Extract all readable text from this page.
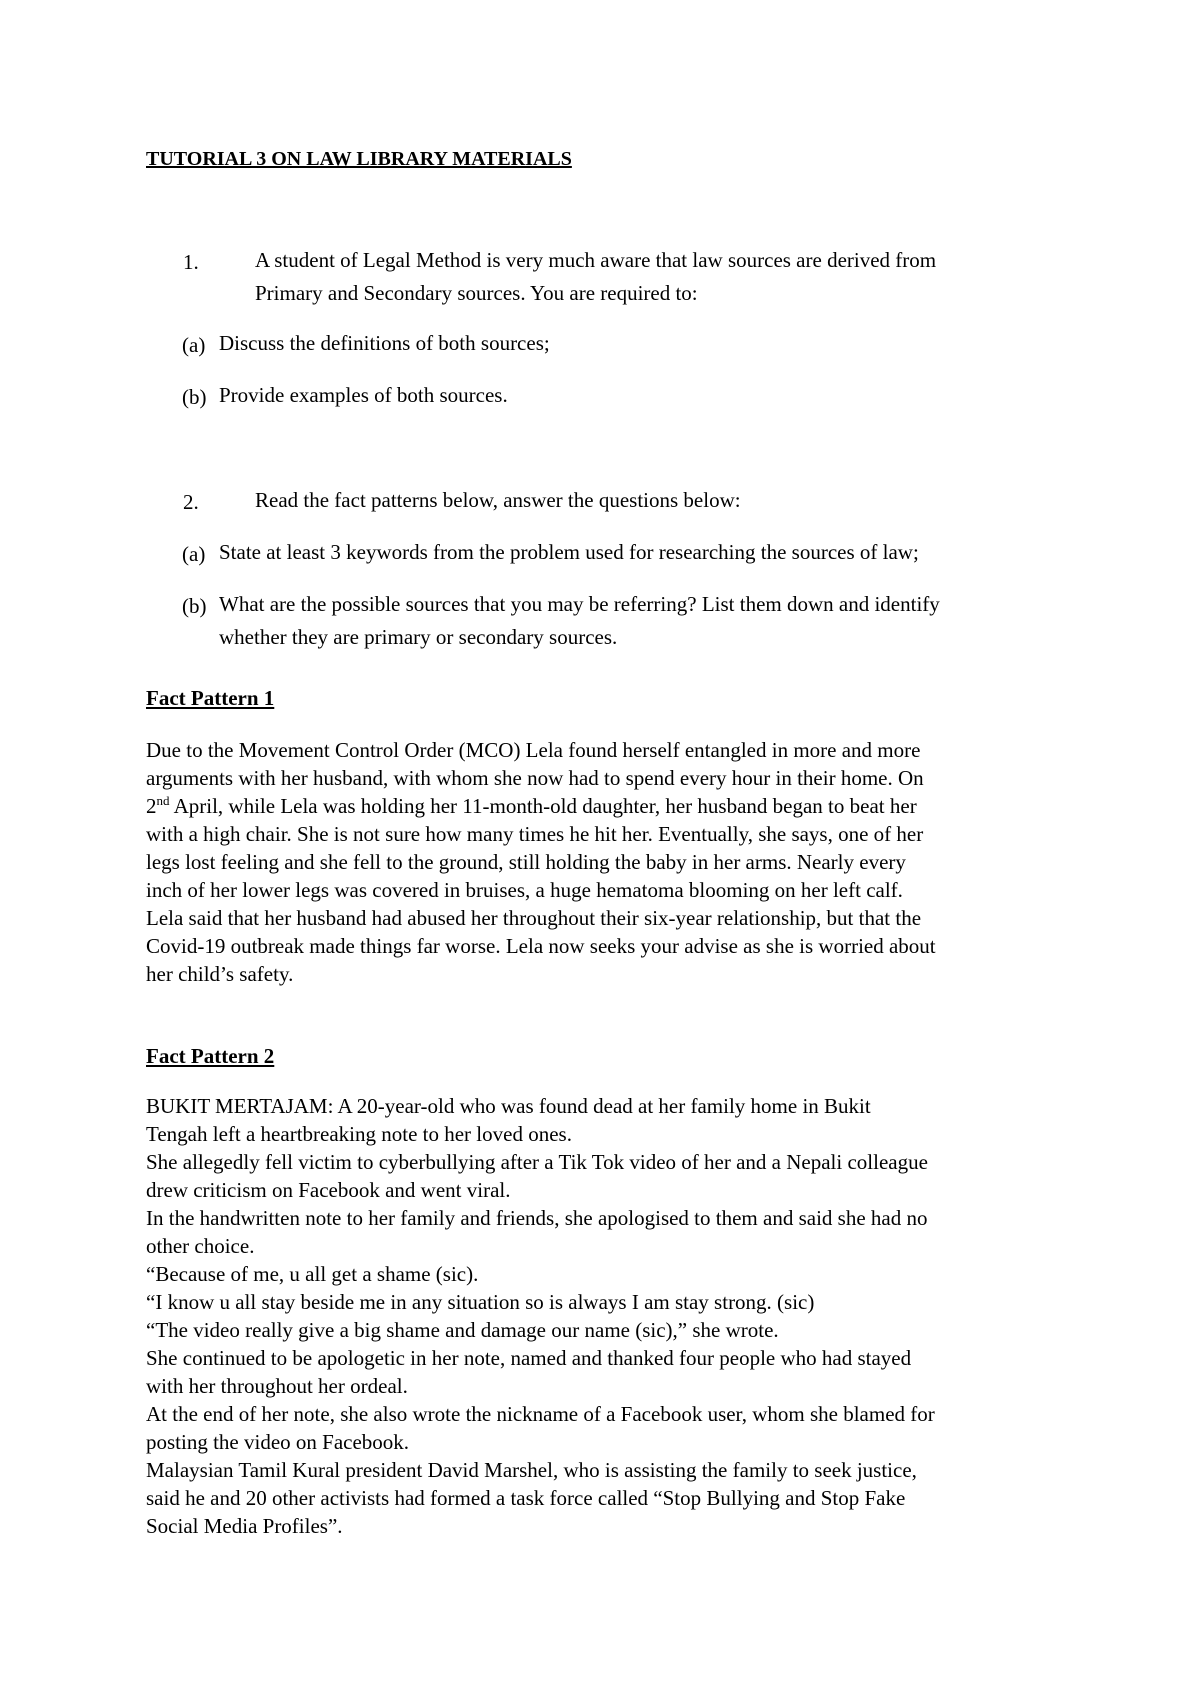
TUTORIAL 3 ON LAW LIBRARY MATERIALS
1.	A student of Legal Method is very much aware that law sources are derived from
Primary and Secondary sources. You are required to:
(a) Discuss the definitions of both sources;
(b) Provide examples of both sources.
2.	Read the fact patterns below, answer the questions below:
(a) State at least 3 keywords from the problem used for researching the sources of law;
(b) What are the possible sources that you may be referring? List them down and identify
whether they are primary or secondary sources.
Fact Pattern 1
Due to the Movement Control Order (MCO) Lela found herself entangled in more and more
arguments with her husband, with whom she now had to spend every hour in their home. On
2nd April, while Lela was holding her 11-month-old daughter, her husband began to beat her
with a high chair. She is not sure how many times he hit her. Eventually, she says, one of her
legs lost feeling and she fell to the ground, still holding the baby in her arms. Nearly every
inch of her lower legs was covered in bruises, a huge hematoma blooming on her left calf.
Lela said that her husband had abused her throughout their six-year relationship, but that the
Covid-19 outbreak made things far worse. Lela now seeks your advise as she is worried about
her child’s safety.
Fact Pattern 2
BUKIT MERTAJAM: A 20-year-old who was found dead at her family home in Bukit
Tengah left a heartbreaking note to her loved ones.
She allegedly fell victim to cyberbullying after a Tik Tok video of her and a Nepali colleague
drew criticism on Facebook and went viral.
In the handwritten note to her family and friends, she apologised to them and said she had no
other choice.
“Because of me, u all get a shame (sic).
“I know u all stay beside me in any situation so is always I am stay strong. (sic)
“The video really give a big shame and damage our name (sic),” she wrote.
She continued to be apologetic in her note, named and thanked four people who had stayed
with her throughout her ordeal.
At the end of her note, she also wrote the nickname of a Facebook user, whom she blamed for
posting the video on Facebook.
Malaysian Tamil Kural president David Marshel, who is assisting the family to seek justice,
said he and 20 other activists had formed a task force called “Stop Bullying and Stop Fake
Social Media Profiles”.
